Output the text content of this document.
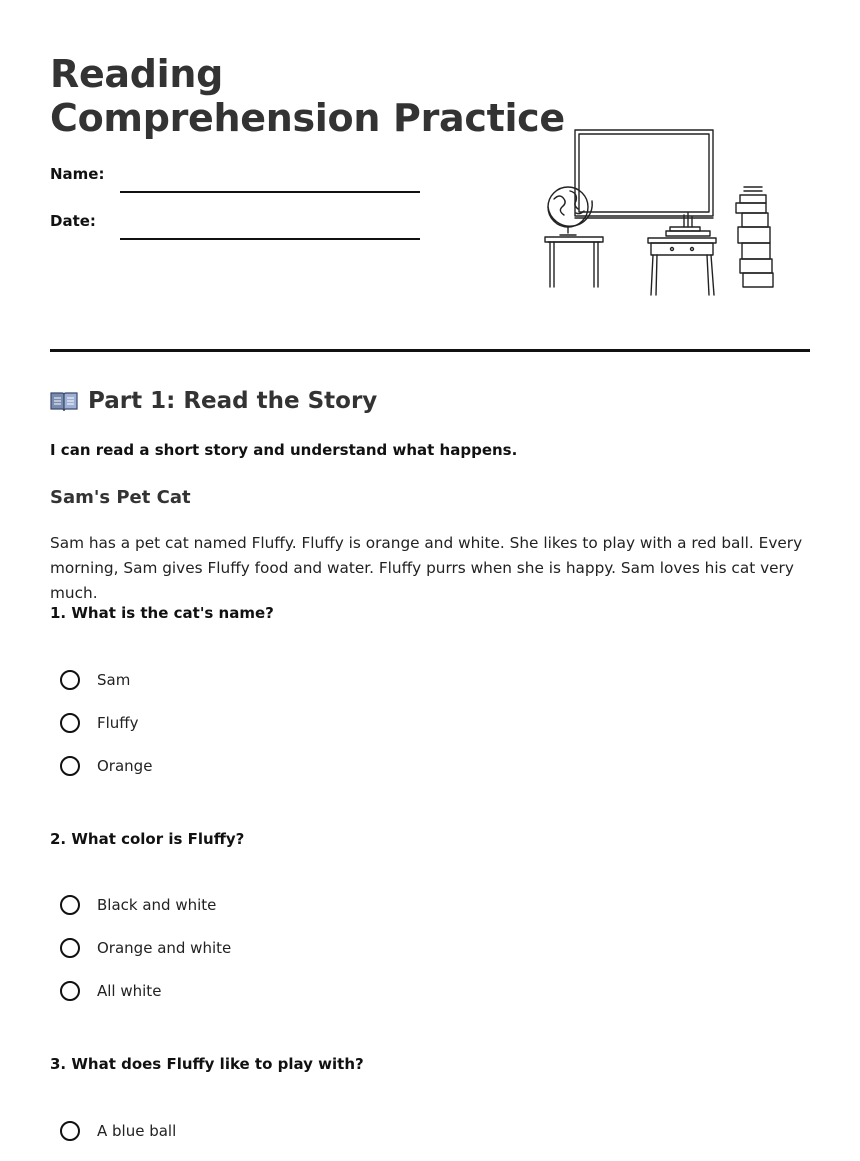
Reading
Comprehension Practice
Name:
Date:
Part 1: Read the Story
I can read a short story and understand what happens.
Sam's Pet Cat

Sam has a pet cat named Fluffy. Fluffy is orange and white. She likes to play with a red ball. Every morning, Sam gives Fluffy food and water. Fluffy purrs when she is happy. Sam loves his cat very much.

1. What is the cat's name?
Sam
Fluffy
Orange
2. What color is Fluffy?
Black and white
Orange and white
All white
3. What does Fluffy like to play with?
A blue ball
